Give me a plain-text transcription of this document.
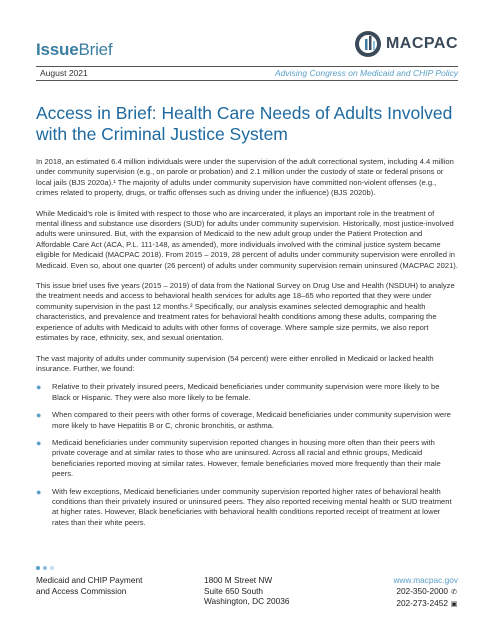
IssueBrief	MACPAC
August 2021	Advising Congress on Medicaid and CHIP Policy
Access in Brief: Health Care Needs of Adults Involved with the Criminal Justice System

In 2018, an estimated 6.4 million individuals were under the supervision of the adult correctional system, including 4.4 million under community supervision (e.g., on parole or probation) and 2.1 million under the custody of state or federal prisons or local jails (BJS 2020a).¹ The majority of adults under community supervision have committed non-violent offenses (e.g., crimes related to property, drugs, or traffic offenses such as driving under the influence) (BJS 2020b).

While Medicaid's role is limited with respect to those who are incarcerated, it plays an important role in the treatment of mental illness and substance use disorders (SUD) for adults under community supervision. Historically, most justice-involved adults were uninsured. But, with the expansion of Medicaid to the new adult group under the Patient Protection and Affordable Care Act (ACA, P.L. 111-148, as amended), more individuals involved with the criminal justice system became eligible for Medicaid (MACPAC 2018). From 2015 – 2019, 28 percent of adults under community supervision were enrolled in Medicaid. Even so, about one quarter (26 percent) of adults under community supervision remain uninsured (MACPAC 2021).

This issue brief uses five years (2015 – 2019) of data from the National Survey on Drug Use and Health (NSDUH) to analyze the treatment needs and access to behavioral health services for adults age 18–65 who reported that they were under community supervision in the past 12 months.² Specifically, our analysis examines selected demographic and health characteristics, and prevalence and treatment rates for behavioral health conditions among these adults, comparing the experience of adults with Medicaid to adults with other forms of coverage. Where sample size permits, we also report estimates by race, ethnicity, sex, and sexual orientation.

The vast majority of adults under community supervision (54 percent) were either enrolled in Medicaid or lacked health insurance. Further, we found:

● Relative to their privately insured peers, Medicaid beneficiaries under community supervision were more likely to be Black or Hispanic. They were also more likely to be female.
● When compared to their peers with other forms of coverage, Medicaid beneficiaries under community supervision were more likely to have Hepatitis B or C, chronic bronchitis, or asthma.
● Medicaid beneficiaries under community supervision reported changes in housing more often than their peers with private coverage and at similar rates to those who are uninsured. Across all racial and ethnic groups, Medicaid beneficiaries reported moving at similar rates. However, female beneficiaries moved more frequently than their male peers.
● With few exceptions, Medicaid beneficiaries under community supervision reported higher rates of behavioral health conditions than their privately insured or uninsured peers. They also reported receiving mental health or SUD treatment at higher rates. However, Black beneficiaries with behavioral health conditions reported receipt of treatment at lower rates than their white peers.
Medicaid and CHIP Payment
and Access Commission
1800 M Street NW
Suite 650 South
Washington, DC 20036
www.macpac.gov
202-350-2000 ✆
202-273-2452 ▣
